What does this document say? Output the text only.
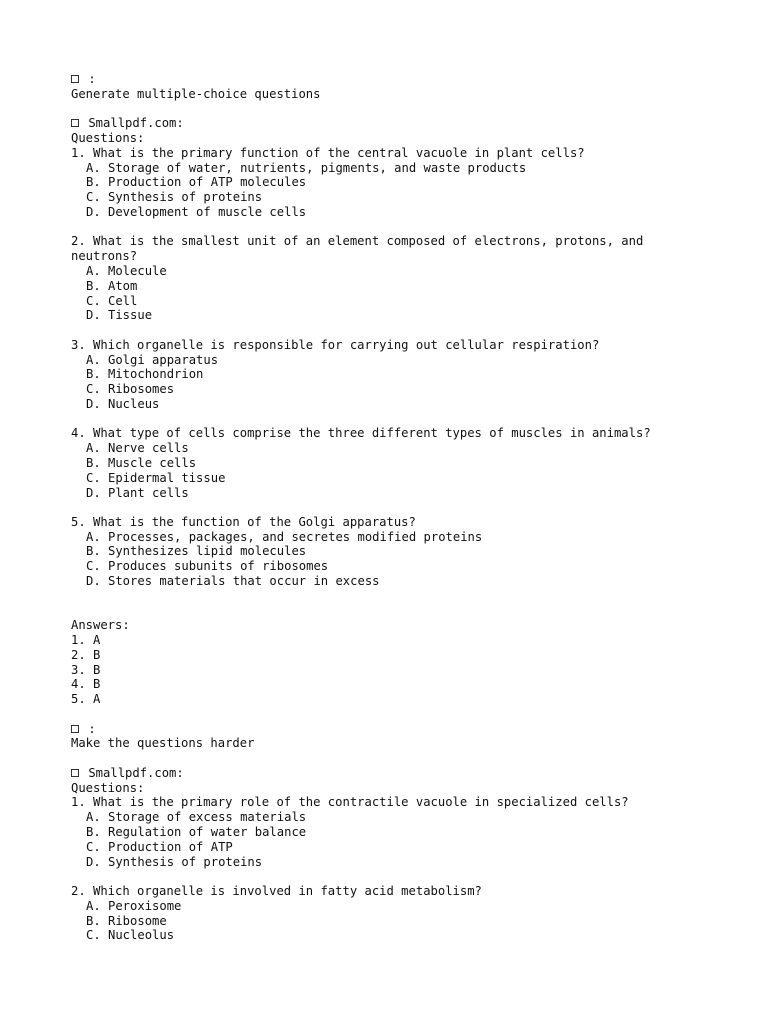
:
Generate multiple-choice questions
Smallpdf.com:
Questions:
1. What is the primary function of the central vacuole in plant cells?
A. Storage of water, nutrients, pigments, and waste products
B. Production of ATP molecules
C. Synthesis of proteins
D. Development of muscle cells
2. What is the smallest unit of an element composed of electrons, protons, and neutrons?
A. Molecule
B. Atom
C. Cell
D. Tissue
3. Which organelle is responsible for carrying out cellular respiration?
A. Golgi apparatus
B. Mitochondrion
C. Ribosomes
D. Nucleus
4. What type of cells comprise the three different types of muscles in animals?
A. Nerve cells
B. Muscle cells
C. Epidermal tissue
D. Plant cells
5. What is the function of the Golgi apparatus?
A. Processes, packages, and secretes modified proteins
B. Synthesizes lipid molecules
C. Produces subunits of ribosomes
D. Stores materials that occur in excess
Answers:
1. A
2. B
3. B
4. B
5. A
:
Make the questions harder
Smallpdf.com:
Questions:
1. What is the primary role of the contractile vacuole in specialized cells?
A. Storage of excess materials
B. Regulation of water balance
C. Production of ATP
D. Synthesis of proteins
2. Which organelle is involved in fatty acid metabolism?
A. Peroxisome
B. Ribosome
C. Nucleolus
